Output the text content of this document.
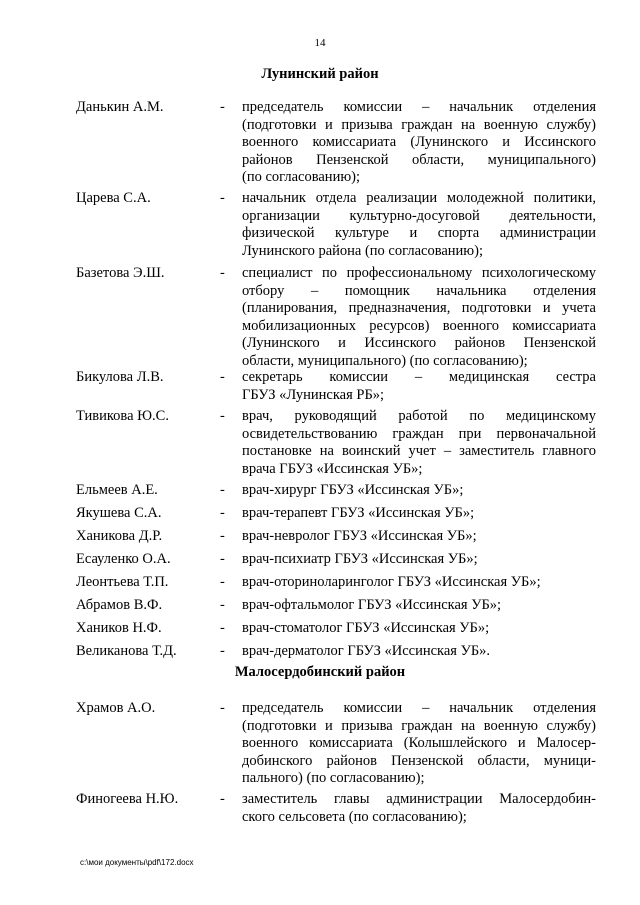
14
Лунинский район
Данькин А.М.	- председатель комиссии – начальник отделения
(подготовки и призыва граждан на военную службу)
военного комиссариата (Лунинского и Иссинского
районов Пензенской области, муниципального)
(по согласованию);
Царева С.А.	- начальник отдела реализации молодежной политики,
организации культурно-досуговой деятельности,
физической культуре и спорта администрации
Лунинского района (по согласованию);
Базетова Э.Ш.	- специалист по профессиональному психологическому
отбору – помощник начальника отделения
(планирования, предназначения, подготовки и учета
мобилизационных ресурсов) военного комиссариата
(Лунинского и Иссинского районов Пензенской
области, муниципального) (по согласованию);
Бикулова Л.В.	- секретарь комиссии – медицинская сестра
ГБУЗ «Лунинская РБ»;
Тивикова Ю.С.	- врач, руководящий работой по медицинскому
освидетельствованию граждан при первоначальной
постановке на воинский учет – заместитель главного
врача ГБУЗ «Иссинская УБ»;
Ельмеев А.Е.	- врач-хирург ГБУЗ «Иссинская УБ»;
Якушева С.А.	- врач-терапевт ГБУЗ «Иссинская УБ»;
Ханикова Д.Р.	- врач-невролог ГБУЗ «Иссинская УБ»;
Есауленко О.А.	- врач-психиатр ГБУЗ «Иссинская УБ»;
Леонтьева Т.П.	- врач-оториноларинголог ГБУЗ «Иссинская УБ»;
Абрамов В.Ф.	- врач-офтальмолог ГБУЗ «Иссинская УБ»;
Хаников Н.Ф.	- врач-стоматолог ГБУЗ «Иссинская УБ»;
Великанова Т.Д.	- врач-дерматолог ГБУЗ «Иссинская УБ».
Малосердобинский район
Храмов А.О.	- председатель комиссии – начальник отделения
(подготовки и призыва граждан на военную службу)
военного комиссариата (Колышлейского и Малосер-
добинского районов Пензенской области, муници-
пального) (по согласованию);
Финогеева Н.Ю.	- заместитель главы администрации Малосердобин-
ского сельсовета (по согласованию);
c:\мои документы\pdf\172.docx
